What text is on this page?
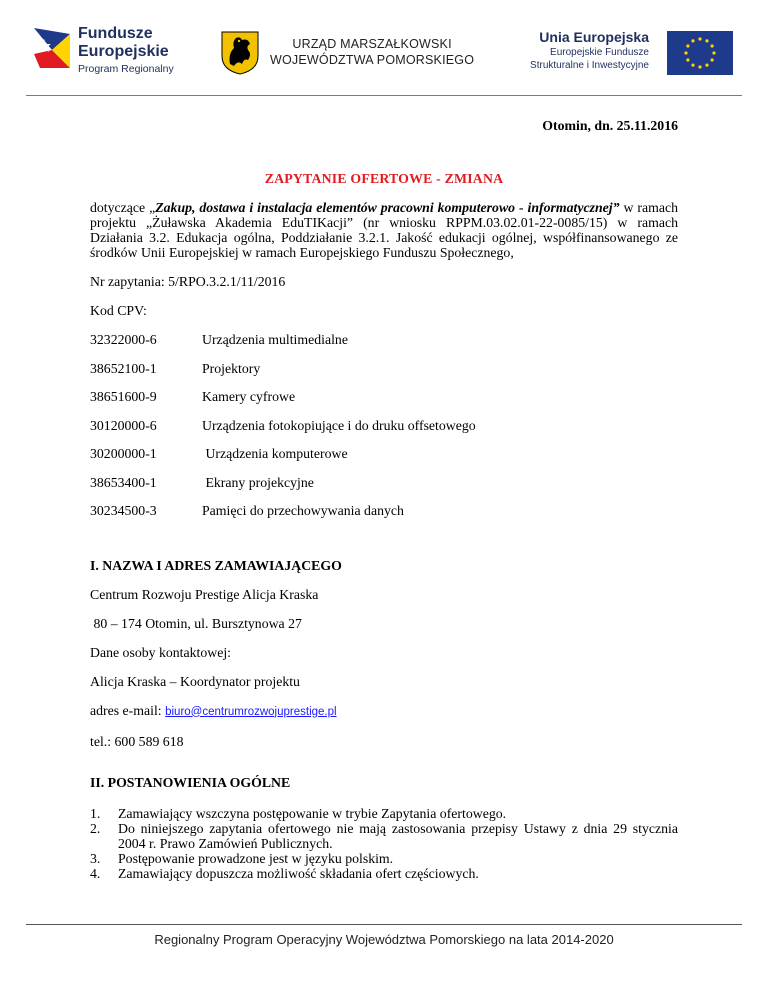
Fundusze
Europejskie
Program Regionalny
URZĄD MARSZAŁKOWSKI
WOJEWÓDZTWA POMORSKIEGO
Unia Europejska
Europejskie Fundusze
Strukturalne i Inwestycyjne
Otomin, dn. 25.11.2016
ZAPYTANIE OFERTOWE - ZMIANA
dotyczące „Zakup, dostawa i instalacja elementów pracowni komputerowo - informatycznej” w ramach projektu „Żuławska Akademia EduTIKacji” (nr wniosku RPPM.03.02.01-22-0085/15) w ramach Działania 3.2. Edukacja ogólna, Poddziałanie 3.2.1. Jakość edukacji ogólnej, współfinansowanego ze środków Unii Europejskiej w ramach Europejskiego Funduszu Społecznego,
Nr zapytania: 5/RPO.3.2.1/11/2016
Kod CPV:
32322000-6	Urządzenia multimedialne
38652100-1	Projektory
38651600-9	Kamery cyfrowe
30120000-6	Urządzenia fotokopiujące i do druku offsetowego
30200000-1	Urządzenia komputerowe
38653400-1	Ekrany projekcyjne
30234500-3	Pamięci do przechowywania danych
I. NAZWA I ADRES ZAMAWIAJĄCEGO
Centrum Rozwoju Prestige Alicja Kraska
80 – 174 Otomin, ul. Bursztynowa 27
Dane osoby kontaktowej:
Alicja Kraska – Koordynator projektu
adres e-mail: biuro@centrumrozwojuprestige.pl
tel.: 600 589 618
II. POSTANOWIENIA OGÓLNE
1.	Zamawiający wszczyna postępowanie w trybie Zapytania ofertowego.
2.	Do niniejszego zapytania ofertowego nie mają zastosowania przepisy Ustawy z dnia 29 stycznia 2004 r. Prawo Zamówień Publicznych.
3.	Postępowanie prowadzone jest w języku polskim.
4.	Zamawiający dopuszcza możliwość składania ofert częściowych.
Regionalny Program Operacyjny Województwa Pomorskiego na lata 2014-2020
